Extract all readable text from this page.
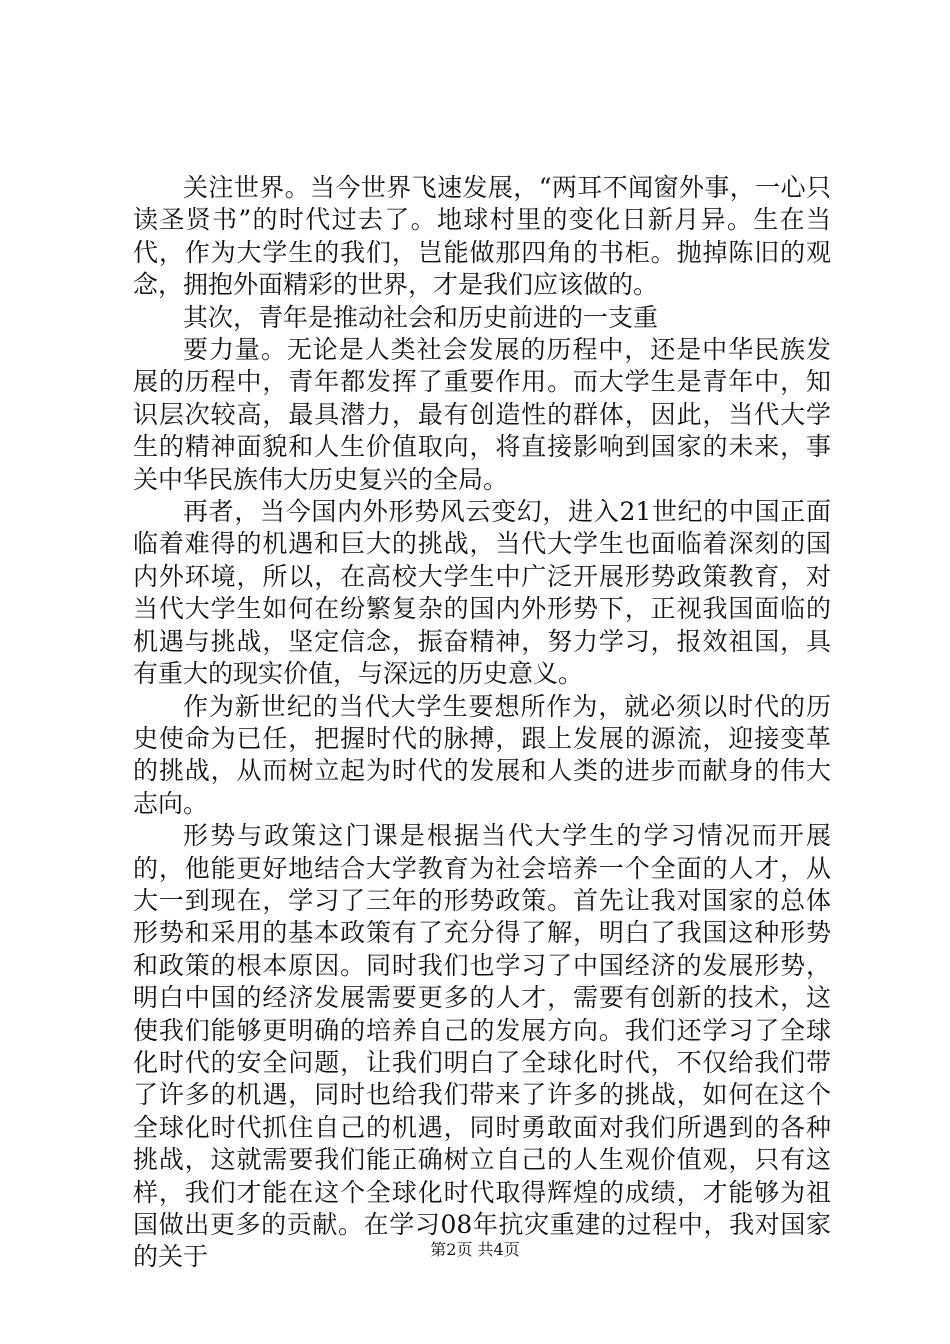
关注世界。当今世界飞速发展，“两耳不闻窗外事，一心只读圣贤书”的时代过去了。地球村里的变化日新月异。生在当代，作为大学生的我们，岂能做那四角的书柜。抛掉陈旧的观念，拥抱外面精彩的世界，才是我们应该做的。

其次，青年是推动社会和历史前进的一支重

要力量。无论是人类社会发展的历程中，还是中华民族发展的历程中，青年都发挥了重要作用。而大学生是青年中，知识层次较高，最具潜力，最有创造性的群体，因此，当代大学生的精神面貌和人生价值取向，将直接影响到国家的未来，事关中华民族伟大历史复兴的全局。

再者，当今国内外形势风云变幻，进入21世纪的中国正面临着难得的机遇和巨大的挑战，当代大学生也面临着深刻的国内外环境，所以，在高校大学生中广泛开展形势政策教育，对当代大学生如何在纷繁复杂的国内外形势下，正视我国面临的机遇与挑战，坚定信念，振奋精神，努力学习，报效祖国，具有重大的现实价值，与深远的历史意义。

作为新世纪的当代大学生要想所作为，就必须以时代的历史使命为已任，把握时代的脉搏，跟上发展的源流，迎接变革的挑战，从而树立起为时代的发展和人类的进步而献身的伟大志向。

形势与政策这门课是根据当代大学生的学习情况而开展的，他能更好地结合大学教育为社会培养一个全面的人才，从大一到现在，学习了三年的形势政策。首先让我对国家的总体形势和采用的基本政策有了充分得了解，明白了我国这种形势和政策的根本原因。同时我们也学习了中国经济的发展形势，明白中国的经济发展需要更多的人才，需要有创新的技术，这使我们能够更明确的培养自己的发展方向。我们还学习了全球化时代的安全问题，让我们明白了全球化时代，不仅给我们带了许多的机遇，同时也给我们带来了许多的挑战，如何在这个全球化时代抓住自己的机遇，同时勇敢面对我们所遇到的各种挑战，这就需要我们能正确树立自己的人生观价值观，只有这样，我们才能在这个全球化时代取得辉煌的成绩，才能够为祖国做出更多的贡献。在学习08年抗灾重建的过程中，我对国家的关于	第2页 共4页
